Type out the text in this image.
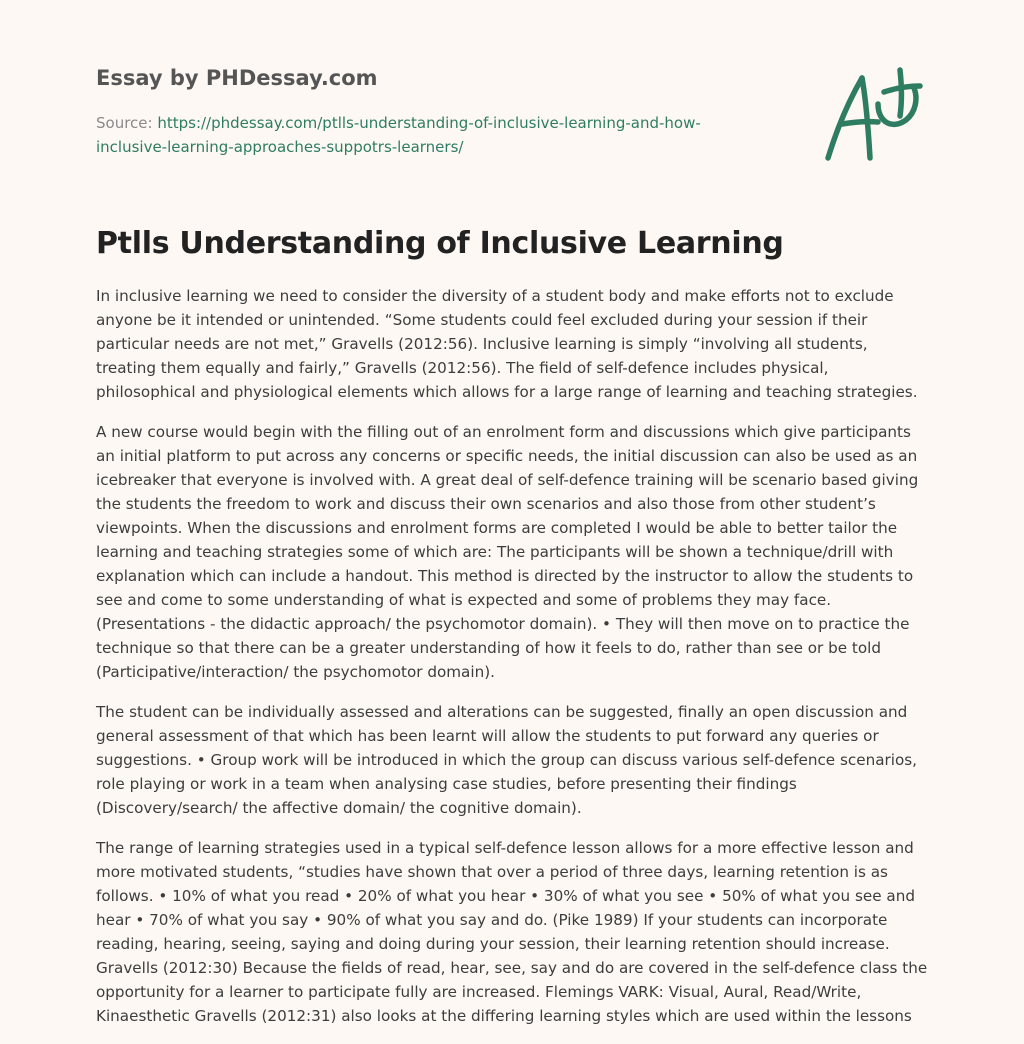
Essay by PHDessay.com
Source: https://phdessay.com/ptlls-understanding-of-inclusive-learning-and-how-inclusive-learning-approaches-suppotrs-learners/
Ptlls Understanding of Inclusive Learning

In inclusive learning we need to consider the diversity of a student body and make efforts not to exclude anyone be it intended or unintended. “Some students could feel excluded during your session if their particular needs are not met,” Gravells (2012:56). Inclusive learning is simply “involving all students, treating them equally and fairly,” Gravells (2012:56). The field of self-defence includes physical, philosophical and physiological elements which allows for a large range of learning and teaching strategies.

A new course would begin with the filling out of an enrolment form and discussions which give participants an initial platform to put across any concerns or specific needs, the initial discussion can also be used as an icebreaker that everyone is involved with. A great deal of self-defence training will be scenario based giving the students the freedom to work and discuss their own scenarios and also those from other student’s viewpoints. When the discussions and enrolment forms are completed I would be able to better tailor the learning and teaching strategies some of which are: The participants will be shown a technique/drill with explanation which can include a handout. This method is directed by the instructor to allow the students to see and come to some understanding of what is expected and some of problems they may face. (Presentations - the didactic approach/ the psychomotor domain). • They will then move on to practice the technique so that there can be a greater understanding of how it feels to do, rather than see or be told (Participative/interaction/ the psychomotor domain).

The student can be individually assessed and alterations can be suggested, finally an open discussion and general assessment of that which has been learnt will allow the students to put forward any queries or suggestions. • Group work will be introduced in which the group can discuss various self-defence scenarios, role playing or work in a team when analysing case studies, before presenting their findings (Discovery/search/ the affective domain/ the cognitive domain).

The range of learning strategies used in a typical self-defence lesson allows for a more effective lesson and more motivated students, “studies have shown that over a period of three days, learning retention is as follows. • 10% of what you read • 20% of what you hear • 30% of what you see • 50% of what you see and hear • 70% of what you say • 90% of what you say and do. (Pike 1989) If your students can incorporate reading, hearing, seeing, saying and doing during your session, their learning retention should increase. Gravells (2012:30) Because the fields of read, hear, see, say and do are covered in the self-defence class the opportunity for a learner to participate fully are increased. Flemings VARK: Visual, Aural, Read/Write, Kinaesthetic Gravells (2012:31) also looks at the differing learning styles which are used within the lessons
